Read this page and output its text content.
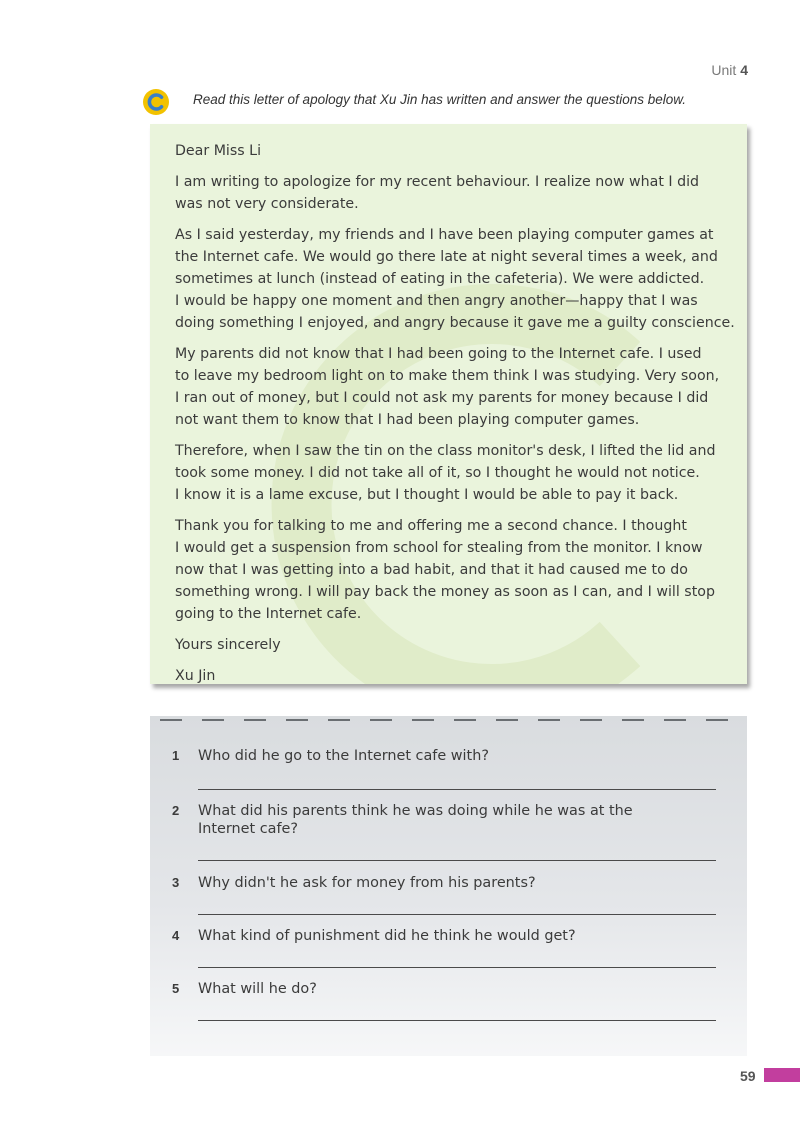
Unit 4
Read this letter of apology that Xu Jin has written and answer the questions below.

Dear Miss Li

I am writing to apologize for my recent behaviour. I realize now what I did
was not very considerate.

As I said yesterday, my friends and I have been playing computer games at
the Internet cafe. We would go there late at night several times a week, and
sometimes at lunch (instead of eating in the cafeteria). We were addicted.
I would be happy one moment and then angry another—happy that I was
doing something I enjoyed, and angry because it gave me a guilty conscience.

My parents did not know that I had been going to the Internet cafe. I used
to leave my bedroom light on to make them think I was studying. Very soon,
I ran out of money, but I could not ask my parents for money because I did
not want them to know that I had been playing computer games.

Therefore, when I saw the tin on the class monitor's desk, I lifted the lid and
took some money. I did not take all of it, so I thought he would not notice.
I know it is a lame excuse, but I thought I would be able to pay it back.

Thank you for talking to me and offering me a second chance. I thought
I would get a suspension from school for stealing from the monitor. I know
now that I was getting into a bad habit, and that it had caused me to do
something wrong. I will pay back the money as soon as I can, and I will stop
going to the Internet cafe.

Yours sincerely

Xu Jin

1 Who did he go to the Internet cafe with?
2 What did his parents think he was doing while he was at the
Internet cafe?
3 Why didn't he ask for money from his parents?
4 What kind of punishment did he think he would get?
5 What will he do?
59
